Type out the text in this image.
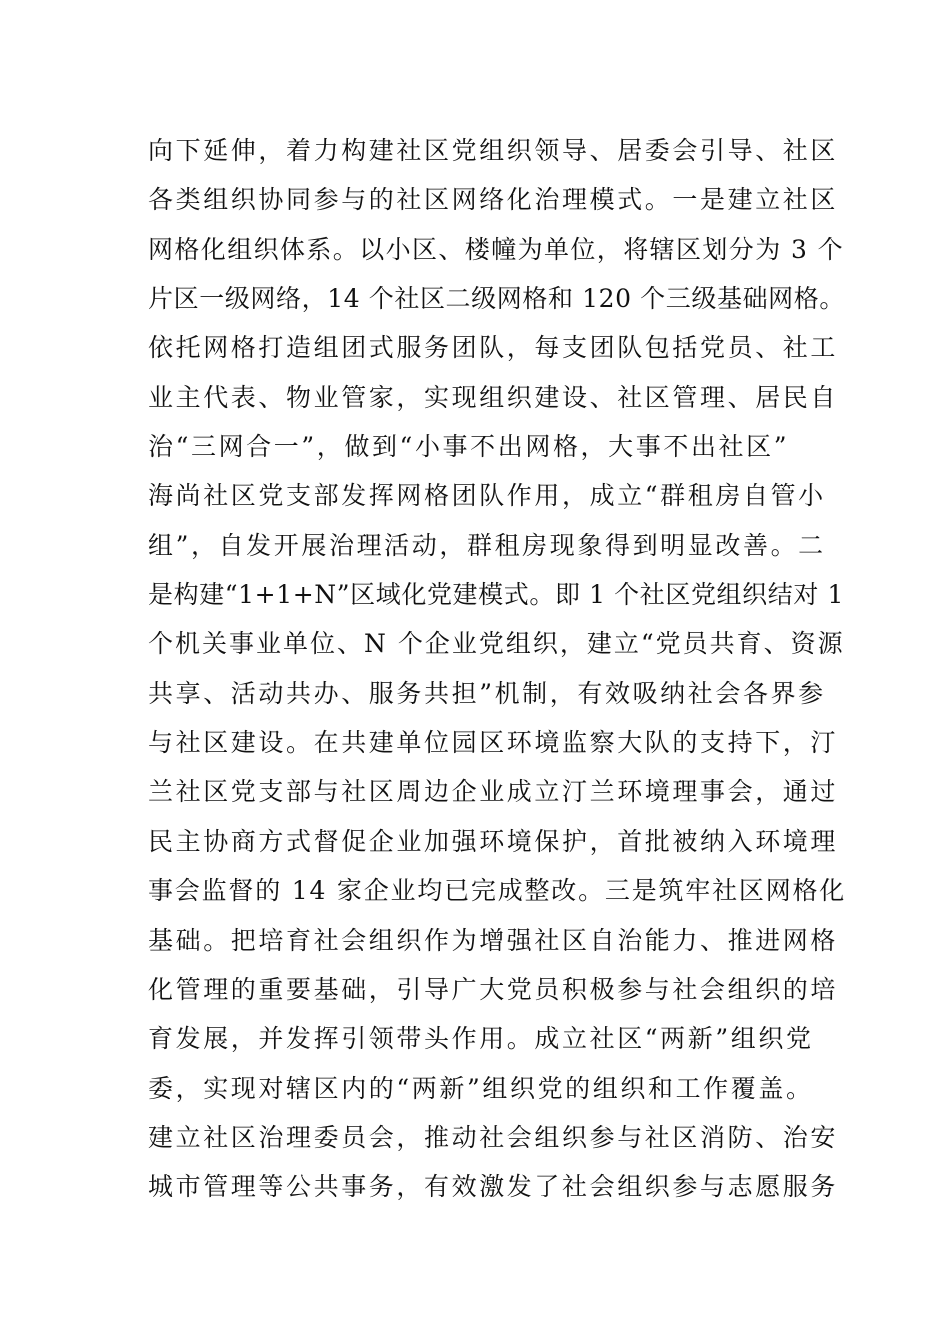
向下延伸，着力构建社区党组织领导、居委会引导、社区
各类组织协同参与的社区网络化治理模式。一是建立社区
网格化组织体系。以小区、楼幢为单位，将辖区划分为 3 个
片区一级网络，14 个社区二级网格和 120 个三级基础网格。
依托网格打造组团式服务团队，每支团队包括党员、社工
业主代表、物业管家，实现组织建设、社区管理、居民自
治“三网合一”，做到“小事不出网格，大事不出社区”
海尚社区党支部发挥网格团队作用，成立“群租房自管小
组”，自发开展治理活动，群租房现象得到明显改善。二
是构建“1+1+N”区域化党建模式。即 1 个社区党组织结对 1
个机关事业单位、N 个企业党组织，建立“党员共育、资源
共享、活动共办、服务共担”机制，有效吸纳社会各界参
与社区建设。在共建单位园区环境监察大队的支持下，汀
兰社区党支部与社区周边企业成立汀兰环境理事会，通过
民主协商方式督促企业加强环境保护，首批被纳入环境理
事会监督的 14 家企业均已完成整改。三是筑牢社区网格化
基础。把培育社会组织作为增强社区自治能力、推进网格
化管理的重要基础，引导广大党员积极参与社会组织的培
育发展，并发挥引领带头作用。成立社区“两新”组织党
委，实现对辖区内的“两新”组织党的组织和工作覆盖。
建立社区治理委员会，推动社会组织参与社区消防、治安
城市管理等公共事务，有效激发了社会组织参与志愿服务
